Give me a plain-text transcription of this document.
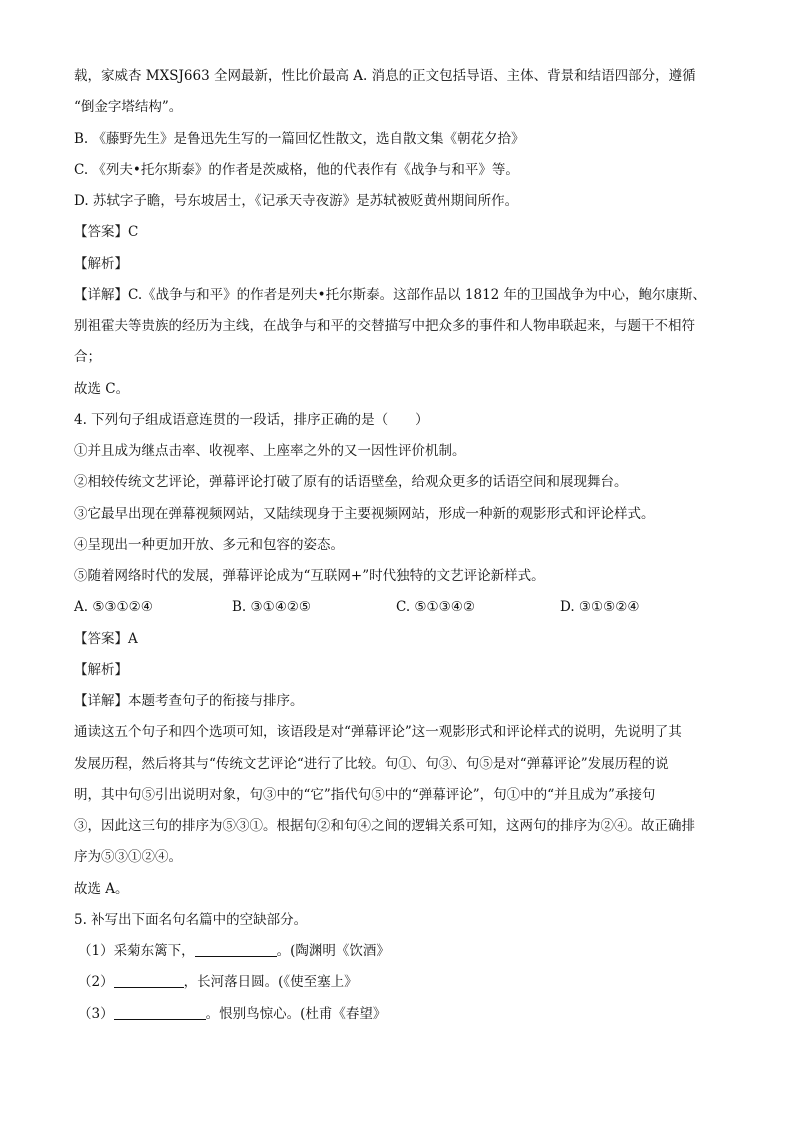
载，家威杏 MXSJ663 全网最新，性比价最高 A. 消息的正文包括导语、主体、背景和结语四部分，遵循
“倒金字塔结构”。
B. 《藤野先生》是鲁迅先生写的一篇回忆性散文，选自散文集《朝花夕拾》
C. 《列夫•托尔斯泰》的作者是茨威格，他的代表作有《战争与和平》等。
D. 苏轼字子瞻，号东坡居士，《记承天寺夜游》是苏轼被贬黄州期间所作。
【答案】C
【解析】
【详解】C.《战争与和平》的作者是列夫•托尔斯泰。这部作品以 1812 年的卫国战争为中心，鲍尔康斯、
别祖霍夫等贵族的经历为主线，在战争与和平的交替描写中把众多的事件和人物串联起来，与题干不相符
合；
故选 C。
4. 下列句子组成语意连贯的一段话，排序正确的是（　　）
①并且成为继点击率、收视率、上座率之外的又一因性评价机制。
②相较传统文艺评论，弹幕评论打破了原有的话语壁垒，给观众更多的话语空间和展现舞台。
③它最早出现在弹幕视频网站，又陆续现身于主要视频网站，形成一种新的观影形式和评论样式。
④呈现出一种更加开放、多元和包容的姿态。
⑤随着网络时代的发展，弹幕评论成为“互联网+”时代独特的文艺评论新样式。
A. ⑤③①②④	B. ③①④②⑤	C. ⑤①③④②	D. ③①⑤②④
【答案】A
【解析】
【详解】本题考查句子的衔接与排序。
通读这五个句子和四个选项可知，该语段是对“弹幕评论”这一观影形式和评论样式的说明，先说明了其
发展历程，然后将其与“传统文艺评论“进行了比较。句①、句③、句⑤是对“弹幕评论”发展历程的说
明，其中句⑤引出说明对象，句③中的“它”指代句⑤中的“弹幕评论”，句①中的“并且成为”承接句
③，因此这三句的排序为⑤③①。根据句②和句④之间的逻辑关系可知，这两句的排序为②④。故正确排
序为⑤③①②④。
故选 A。
5. 补写出下面名句名篇中的空缺部分。
（1）采菊东篱下，	。(陶渊明《饮酒》
（2）	，长河落日圆。(《使至塞上》
（3）	。恨别鸟惊心。(杜甫《春望》
